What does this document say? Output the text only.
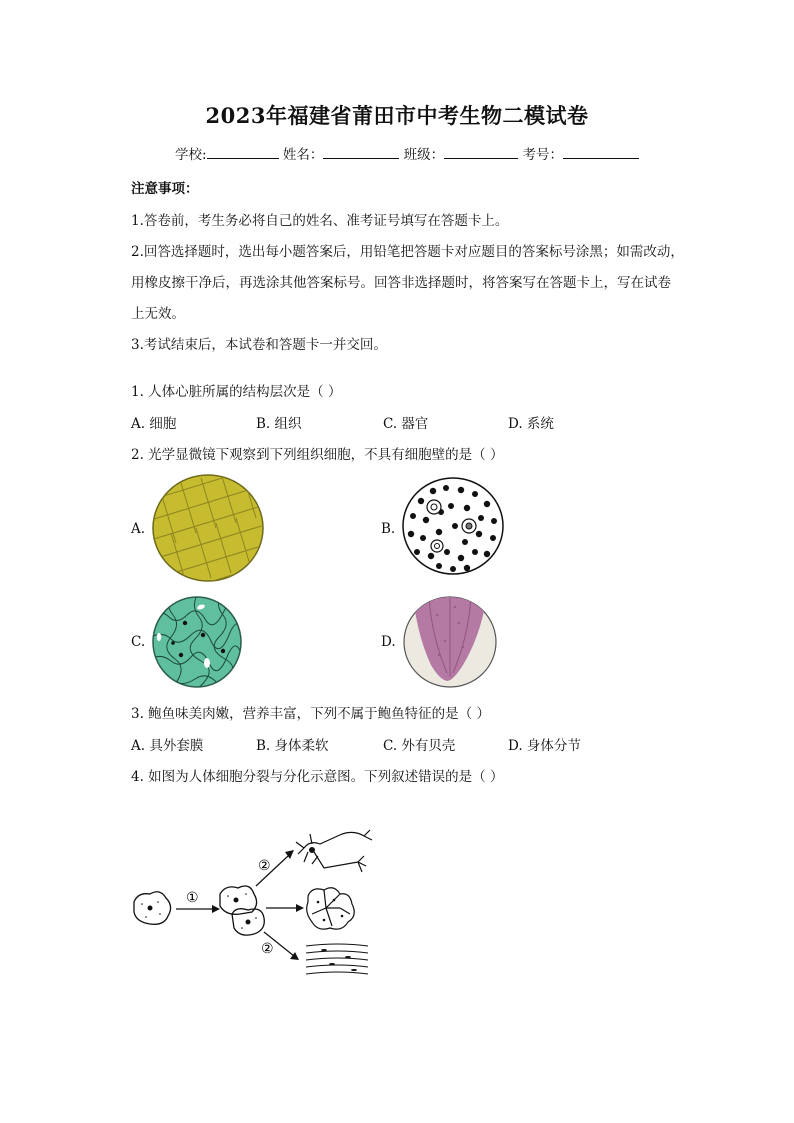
2023年福建省莆田市中考生物二模试卷
学校:	姓名：	班级：	考号：
注意事项：
1.答卷前，考生务必将自己的姓名、准考证号填写在答题卡上。
2.回答选择题时，选出每小题答案后，用铅笔把答题卡对应题目的答案标号涂黑；如需改动，
用橡皮擦干净后，再选涂其他答案标号。回答非选择题时，将答案写在答题卡上，写在试卷
上无效。
3.考试结束后，本试卷和答题卡一并交回。
1. 人体心脏所属的结构层次是（ ）
A. 细胞	B. 组织	C. 器官	D. 系统
2. 光学显微镜下观察到下列组织细胞，不具有细胞壁的是（ ）
A.	B.
C.	D.
3. 鲍鱼味美肉嫩，营养丰富，下列不属于鲍鱼特征的是（ ）
A. 具外套膜	B. 身体柔软	C. 外有贝壳	D. 身体分节
4. 如图为人体细胞分裂与分化示意图。下列叙述错误的是（ ）
①
②
②
